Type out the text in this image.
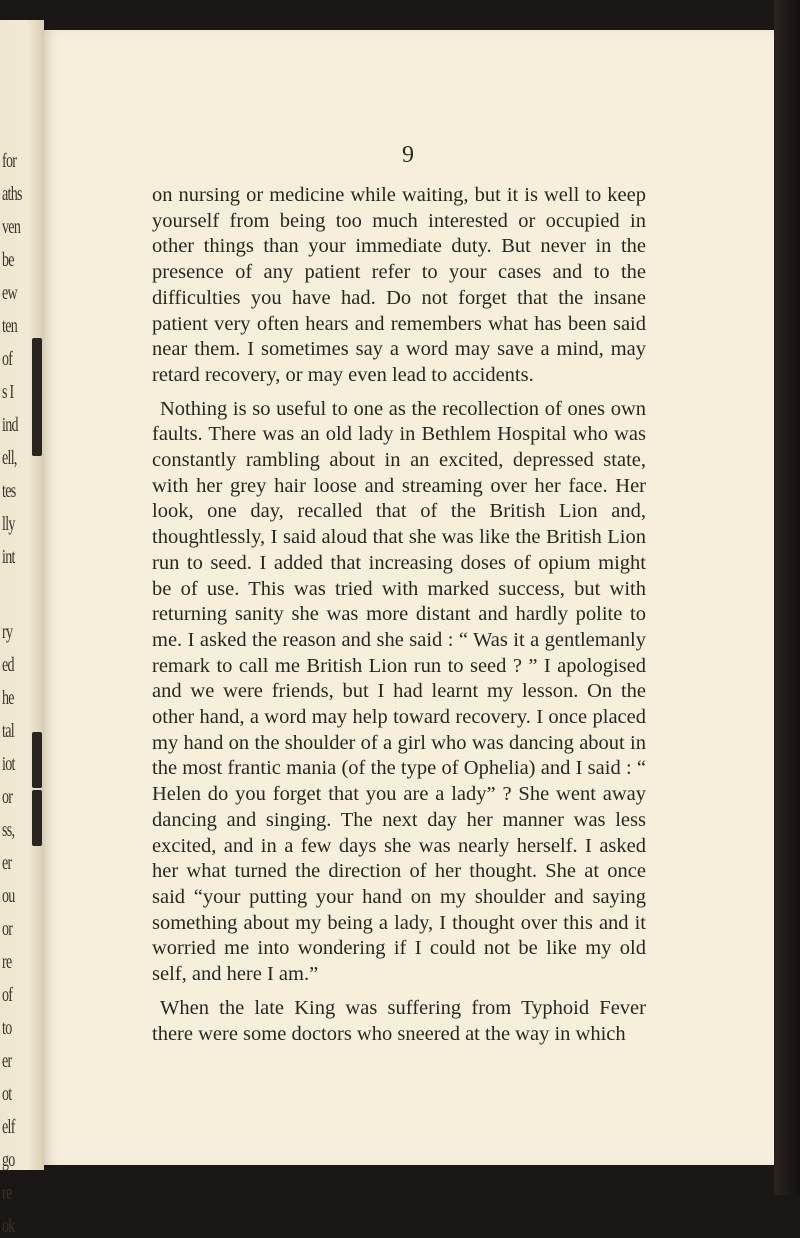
for
aths
ven
be
ew
ten
of
s I
ind
ell,
tes
lly
int
ry
ed
he
tal
iot
or
ss,
er
ou
or
re
of
to
er
ot
elf
go
re
ok
9

on nursing or medicine while waiting, but it is well to keep yourself from being too much interested or occupied in other things than your immediate duty. But never in the presence of any patient refer to your cases and to the difficulties you have had. Do not forget that the insane patient very often hears and remembers what has been said near them. I sometimes say a word may save a mind, may retard recovery, or may even lead to accidents.

Nothing is so useful to one as the recollection of ones own faults. There was an old lady in Bethlem Hospital who was constantly rambling about in an excited, depressed state, with her grey hair loose and streaming over her face. Her look, one day, recalled that of the British Lion and, thoughtlessly, I said aloud that she was like the British Lion run to seed. I added that increasing doses of opium might be of use. This was tried with marked success, but with returning sanity she was more distant and hardly polite to me. I asked the reason and she said : “ Was it a gentlemanly remark to call me British Lion run to seed ? ” I apologised and we were friends, but I had learnt my lesson. On the other hand, a word may help toward recovery. I once placed my hand on the shoulder of a girl who was dancing about in the most frantic mania (of the type of Ophelia) and I said : “ Helen do you forget that you are a lady” ? She went away dancing and singing. The next day her manner was less excited, and in a few days she was nearly herself. I asked her what turned the direction of her thought. She at once said “your putting your hand on my shoulder and saying something about my being a lady, I thought over this and it worried me into wondering if I could not be like my old self, and here I am.”

When the late King was suffering from Typhoid Fever there were some doctors who sneered at the way in which
